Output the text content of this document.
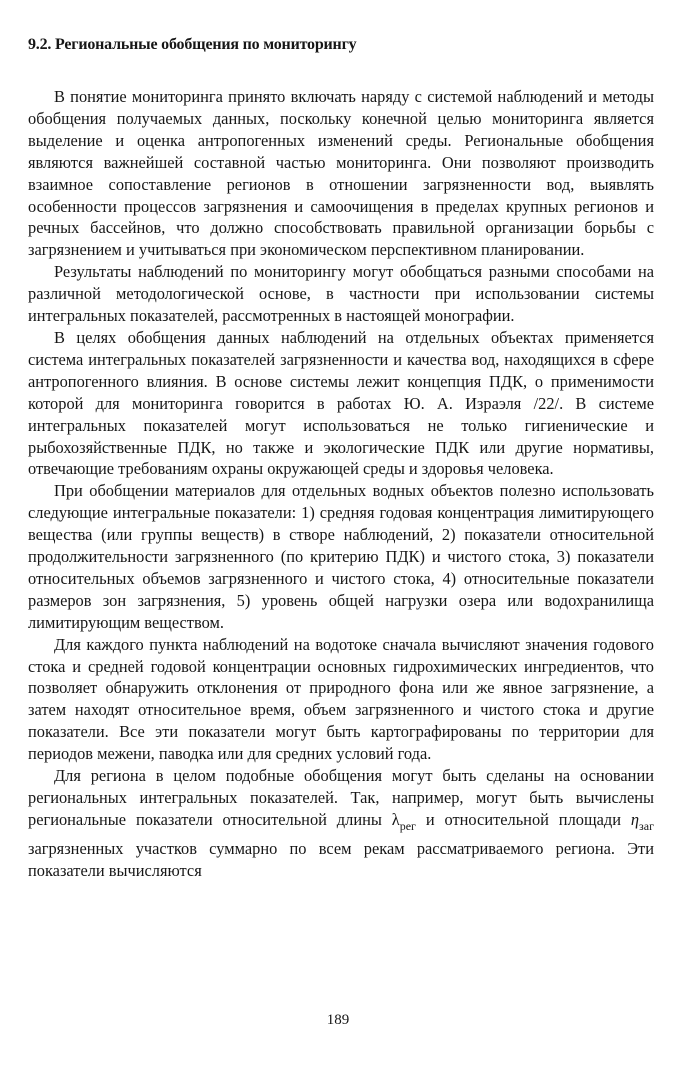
9.2. Региональные обобщения по мониторингу

В понятие мониторинга принято включать наряду с системой наблюдений и методы обобщения получаемых данных, поскольку конечной целью мониторинга является выделение и оценка антропогенных изменений среды. Региональные обобщения являются важнейшей составной частью мониторинга. Они позволяют производить взаимное сопоставление регионов в отношении загрязненности вод, выявлять особенности процессов загрязнения и самоочищения в пределах крупных регионов и речных бассейнов, что должно способствовать правильной организации борьбы с загрязнением и учитываться при экономическом перспективном планировании.

Результаты наблюдений по мониторингу могут обобщаться разными способами на различной методологической основе, в частности при использовании системы интегральных показателей, рассмотренных в настоящей монографии.

В целях обобщения данных наблюдений на отдельных объектах применяется система интегральных показателей загрязненности и качества вод, находящихся в сфере антропогенного влияния. В основе системы лежит концепция ПДК, о применимости которой для мониторинга говорится в работах Ю. А. Израэля /22/. В системе интегральных показателей могут использоваться не только гигиенические и рыбохозяйственные ПДК, но также и экологические ПДК или другие нормативы, отвечающие требованиям охраны окружающей среды и здоровья человека.

При обобщении материалов для отдельных водных объектов полезно использовать следующие интегральные показатели: 1) средняя годовая концентрация лимитирующего вещества (или группы веществ) в створе наблюдений, 2) показатели относительной продолжительности загрязненного (по критерию ПДК) и чистого стока, 3) показатели относительных объемов загрязненного и чистого стока, 4) относительные показатели размеров зон загрязнения, 5) уровень общей нагрузки озера или водохранилища лимитирующим веществом.

Для каждого пункта наблюдений на водотоке сначала вычисляют значения годового стока и средней годовой концентрации основных гидрохимических ингредиентов, что позволяет обнаружить отклонения от природного фона или же явное загрязнение, а затем находят относительное время, объем загрязненного и чистого стока и другие показатели. Все эти показатели могут быть картографированы по территории для периодов межени, паводка или для средних условий года.

Для региона в целом подобные обобщения могут быть сделаны на основании региональных интегральных показателей. Так, например, могут быть вычислены региональные показатели относительной длины $\lambda_{рег}$ и относительной площади $\eta_{заг}$ загрязненных участков суммарно по всем рекам рассматриваемого региона. Эти показатели вычисляются

189
